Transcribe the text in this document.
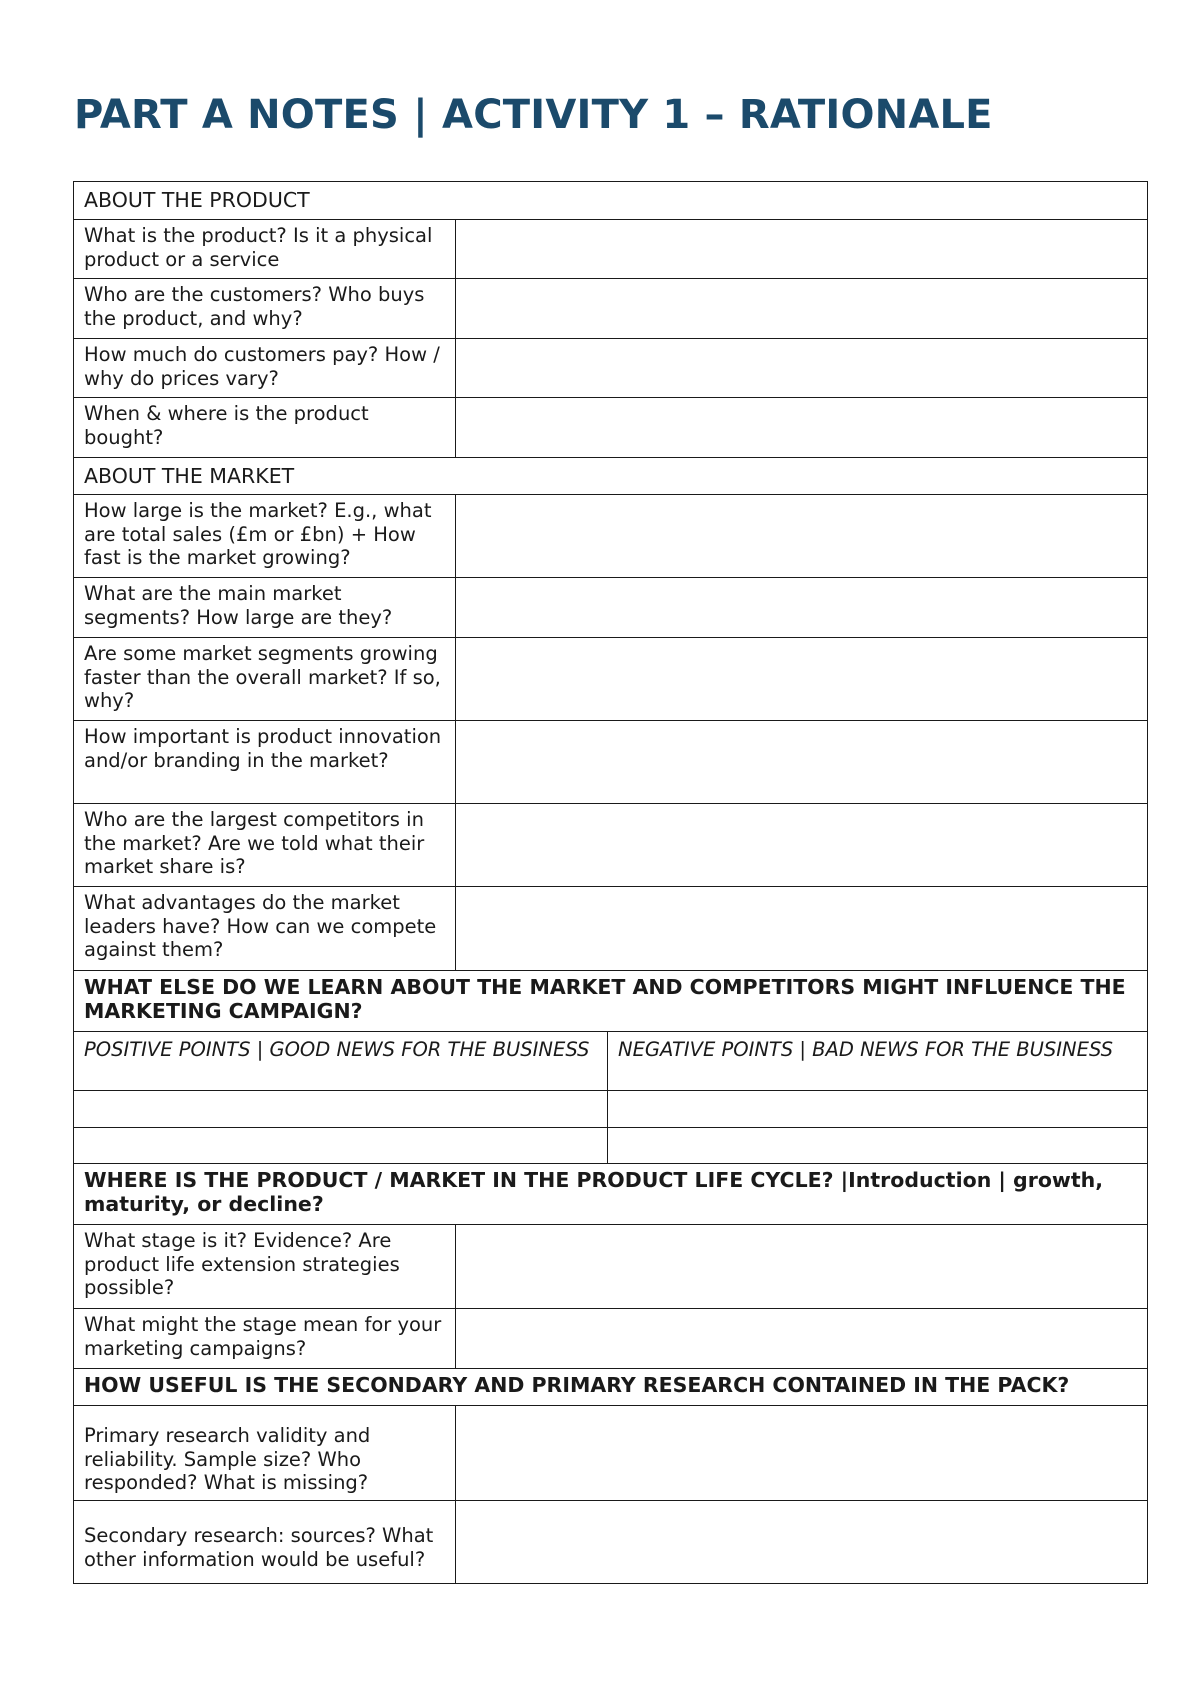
PART A NOTES | ACTIVITY 1 – RATIONALE
ABOUT THE PRODUCT		
What is the product? Is it a physical product or a service		
Who are the customers? Who buys the product, and why?		
How much do customers pay? How / why do prices vary?		
When & where is the product bought?		
ABOUT THE MARKET		
How large is the market? E.g., what are total sales (£m or £bn) + How fast is the market growing?		
What are the main market segments? How large are they?		
Are some market segments growing faster than the overall market? If so, why?		
How important is product innovation and/or branding in the market?		
Who are the largest competitors in the market? Are we told what their market share is?		
What advantages do the market leaders have? How can we compete against them?		
WHAT ELSE DO WE LEARN ABOUT THE MARKET AND COMPETITORS MIGHT INFLUENCE THE MARKETING CAMPAIGN?		
POSITIVE POINTS | GOOD NEWS FOR THE BUSINESS		NEGATIVE POINTS | BAD NEWS FOR THE BUSINESS

WHERE IS THE PRODUCT / MARKET IN THE PRODUCT LIFE CYCLE? |Introduction | growth, maturity, or decline?		
What stage is it? Evidence? Are product life extension strategies possible?		
What might the stage mean for your marketing campaigns?		
HOW USEFUL IS THE SECONDARY AND PRIMARY RESEARCH CONTAINED IN THE PACK?		
Primary research validity and reliability. Sample size? Who responded? What is missing?		
Secondary research: sources? What other information would be useful?		
